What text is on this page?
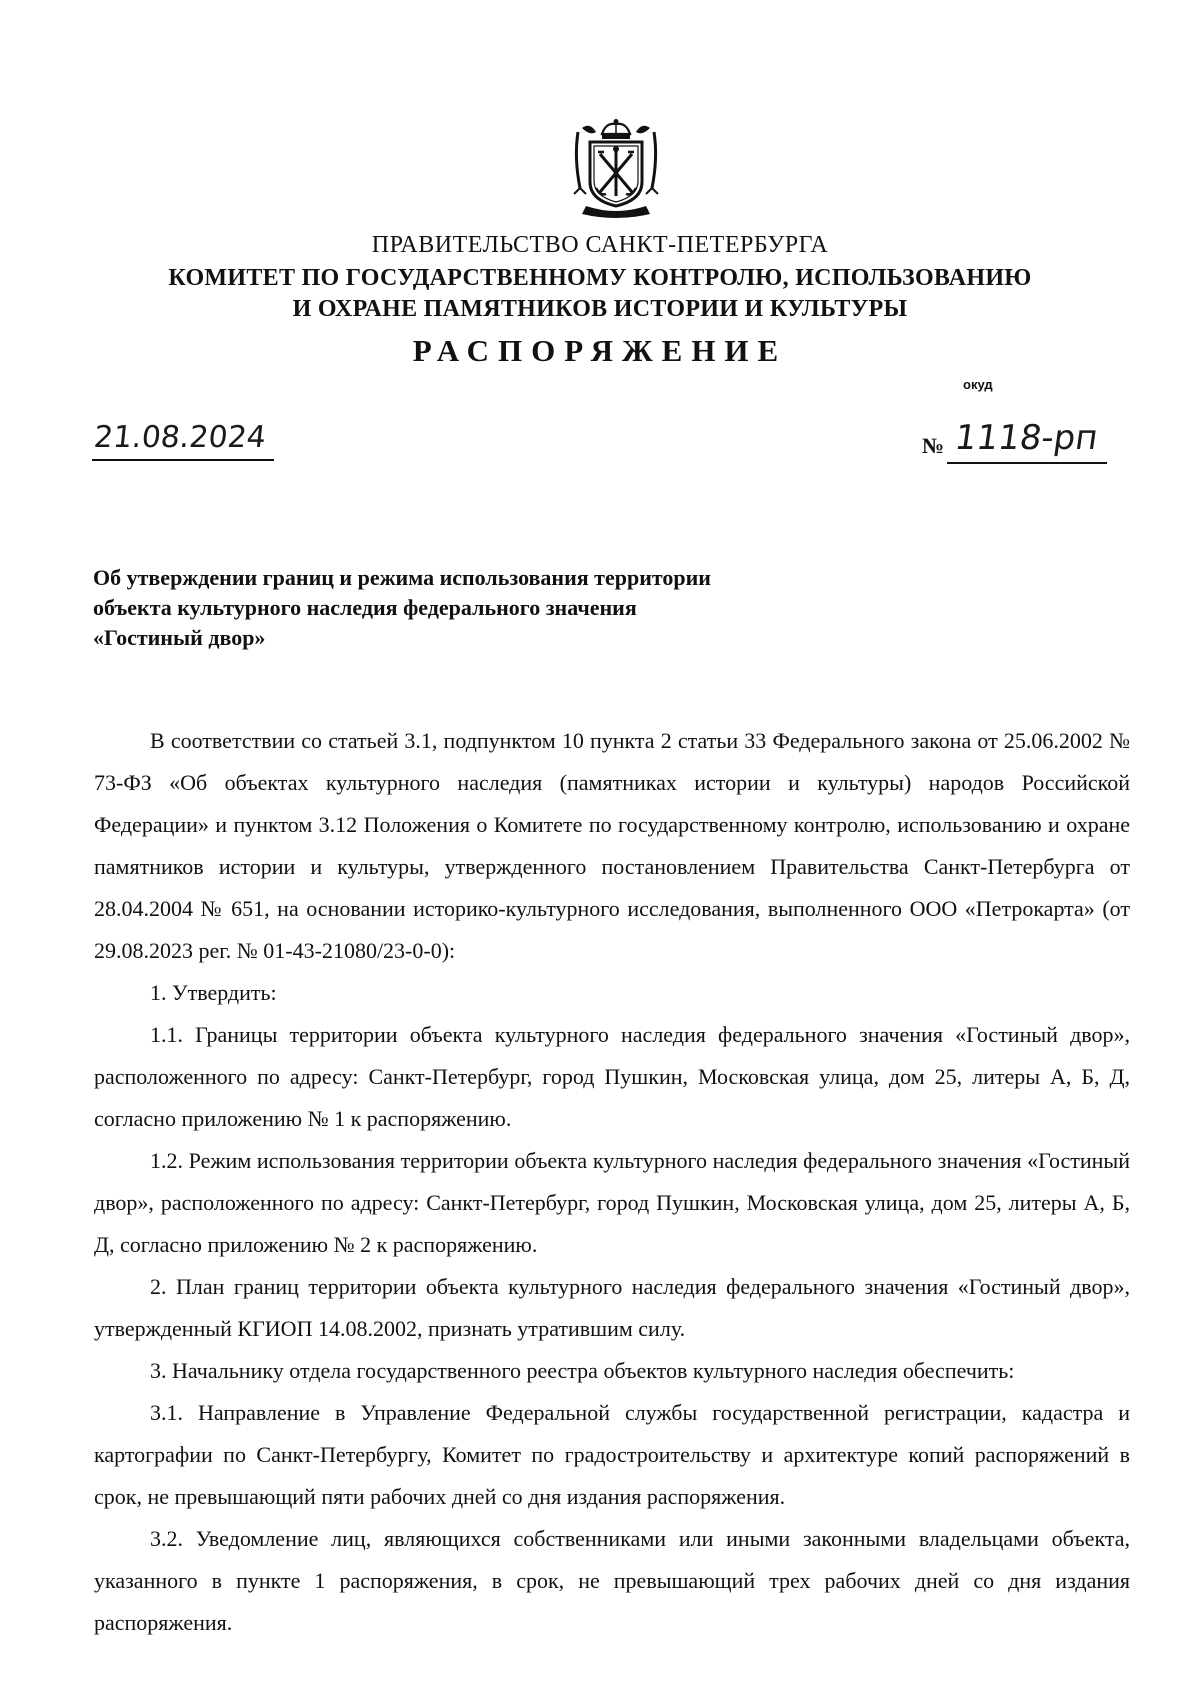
ПРАВИТЕЛЬСТВО САНКТ-ПЕТЕРБУРГА
КОМИТЕТ ПО ГОСУДАРСТВЕННОМУ КОНТРОЛЮ, ИСПОЛЬЗОВАНИЮ
И ОХРАНЕ ПАМЯТНИКОВ ИСТОРИИ И КУЛЬТУРЫ
РАСПОРЯЖЕНИЕ
окуд
21.08.2024	№ 1118-рп
Об утверждении границ и режима использования территории
объекта культурного наследия федерального значения
«Гостиный двор»

В соответствии со статьей 3.1, подпунктом 10 пункта 2 статьи 33 Федерального закона от 25.06.2002 № 73-ФЗ «Об объектах культурного наследия (памятниках истории и культуры) народов Российской Федерации» и пунктом 3.12 Положения о Комитете по государственному контролю, использованию и охране памятников истории и культуры, утвержденного постановлением Правительства Санкт-Петербурга от 28.04.2004 № 651, на основании историко-культурного исследования, выполненного ООО «Петрокарта» (от 29.08.2023 рег. № 01-43-21080/23-0-0):

1. Утвердить:

1.1. Границы территории объекта культурного наследия федерального значения «Гостиный двор», расположенного по адресу: Санкт-Петербург, город Пушкин, Московская улица, дом 25, литеры А, Б, Д, согласно приложению № 1 к распоряжению.

1.2. Режим использования территории объекта культурного наследия федерального значения «Гостиный двор», расположенного по адресу: Санкт-Петербург, город Пушкин, Московская улица, дом 25, литеры А, Б, Д, согласно приложению № 2 к распоряжению.

2. План границ территории объекта культурного наследия федерального значения «Гостиный двор», утвержденный КГИОП 14.08.2002, признать утратившим силу.

3. Начальнику отдела государственного реестра объектов культурного наследия обеспечить:

3.1. Направление в Управление Федеральной службы государственной регистрации, кадастра и картографии по Санкт-Петербургу, Комитет по градостроительству и архитектуре копий распоряжений в срок, не превышающий пяти рабочих дней со дня издания распоряжения.

3.2. Уведомление лиц, являющихся собственниками или иными законными владельцами объекта, указанного в пункте 1 распоряжения, в срок, не превышающий трех рабочих дней со дня издания распоряжения.
